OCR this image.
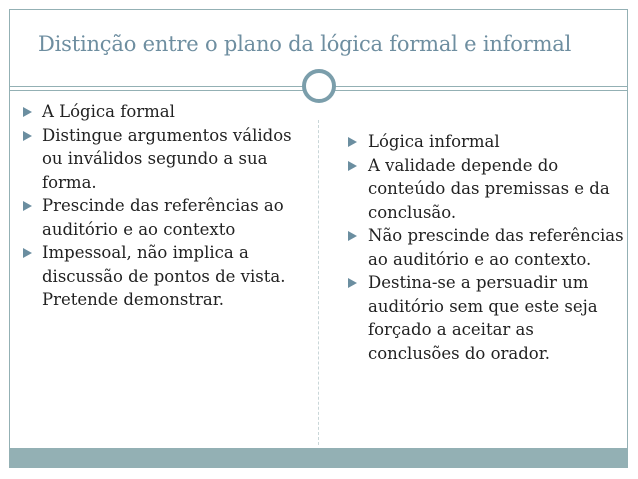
Distinção entre o plano da lógica formal e informal
A Lógica formal
Distingue argumentos válidos ou inválidos segundo a sua forma.
Prescinde das referências ao auditório e ao contexto
Impessoal, não implica a discussão de pontos de vista. Pretende demonstrar.
Lógica informal
A validade depende do conteúdo das premissas e da conclusão.
Não prescinde das referências ao auditório e ao contexto.
Destina-se a persuadir um auditório sem que este seja forçado a aceitar as conclusões do orador.
